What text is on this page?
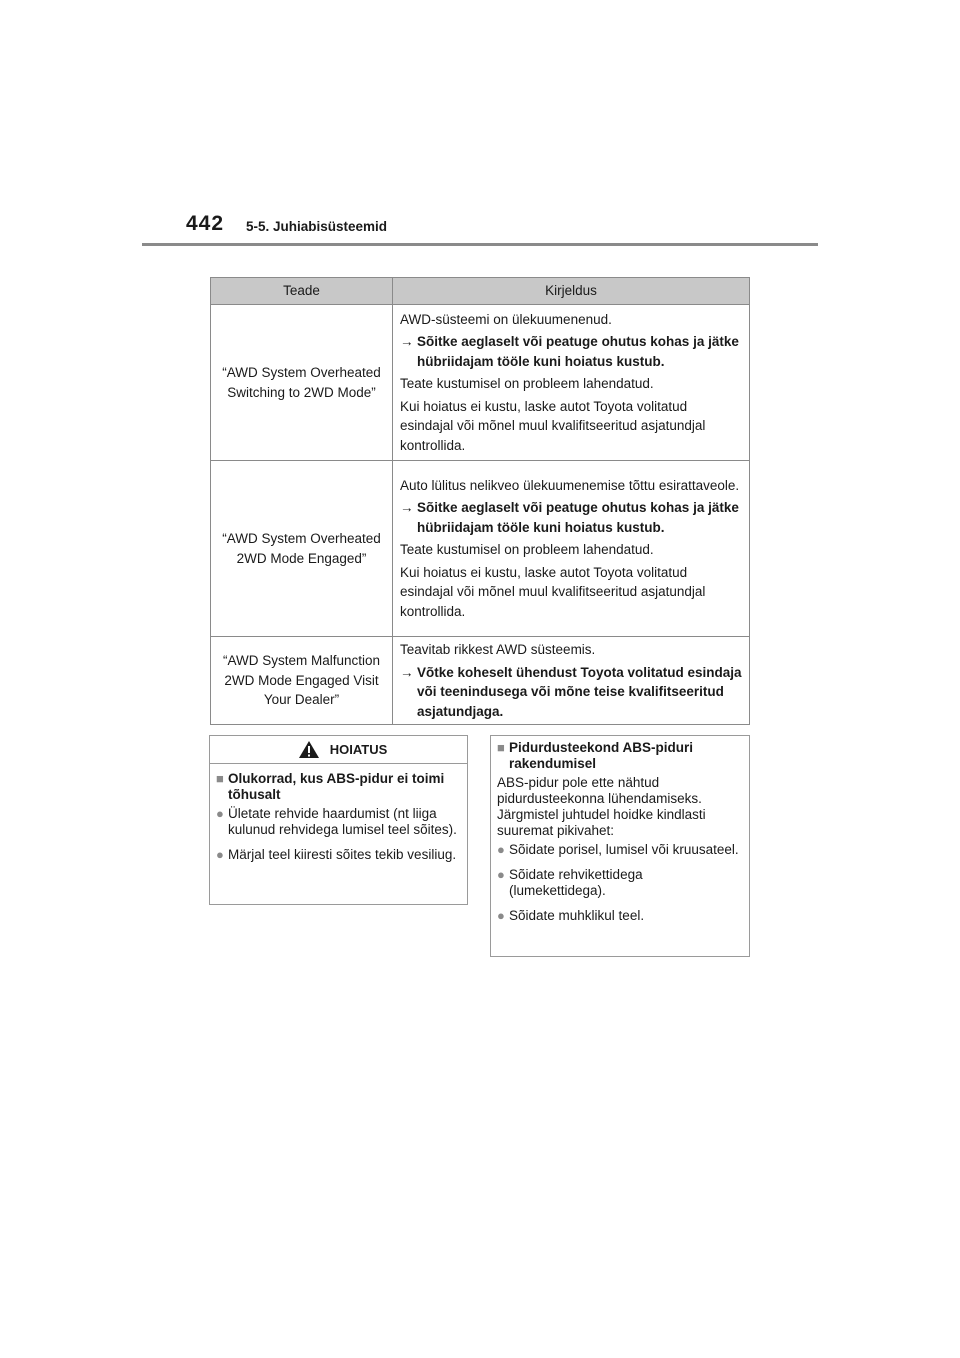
442 5-5. Juhiabisüsteemid
Teade	Kirjeldus
“AWD System Overheated Switching to 2WD Mode”	AWD-süsteemi on ülekuumenenud.
→ Sõitke aeglaselt või peatuge ohutus kohas ja jätke hübriidajam tööle kuni hoiatus kustub.
Teate kustumisel on probleem lahendatud.
Kui hoiatus ei kustu, laske autot Toyota volitatud esindajal või mõnel muul kvalifitseeritud asjatundjal kontrollida.

“AWD System Overheated 2WD Mode Engaged”	Auto lülitus nelikveo ülekuumenemise tõttu esirattaveole.
→ Sõitke aeglaselt või peatuge ohutus kohas ja jätke hübriidajam tööle kuni hoiatus kustub.
Teate kustumisel on probleem lahendatud.
Kui hoiatus ei kustu, laske autot Toyota volitatud esindajal või mõnel muul kvalifitseeritud asjatundjal kontrollida.

“AWD System Malfunction 2WD Mode Engaged Visit Your Dealer”	Teavitab rikkest AWD süsteemis.
→ Võtke koheselt ühendust Toyota volitatud esindaja või teenindusega või mõne teise kvalifitseeritud asjatundjaga.
HOIATUS
■ Olukorrad, kus ABS-pidur ei toimi tõhusalt
● Ületate rehvide haardumist (nt liiga kulunud rehvidega lumisel teel sõites).
● Märjal teel kiiresti sõites tekib vesiliug.
■ Pidurdusteekond ABS-piduri rakendumisel
ABS-pidur pole ette nähtud pidurdusteekonna lühendamiseks. Järgmistel juhtudel hoidke kindlasti suuremat pikivahet:
● Sõidate porisel, lumisel või kruusateel.
● Sõidate rehvikettidega (lumekettidega).
● Sõidate muhklikul teel.
